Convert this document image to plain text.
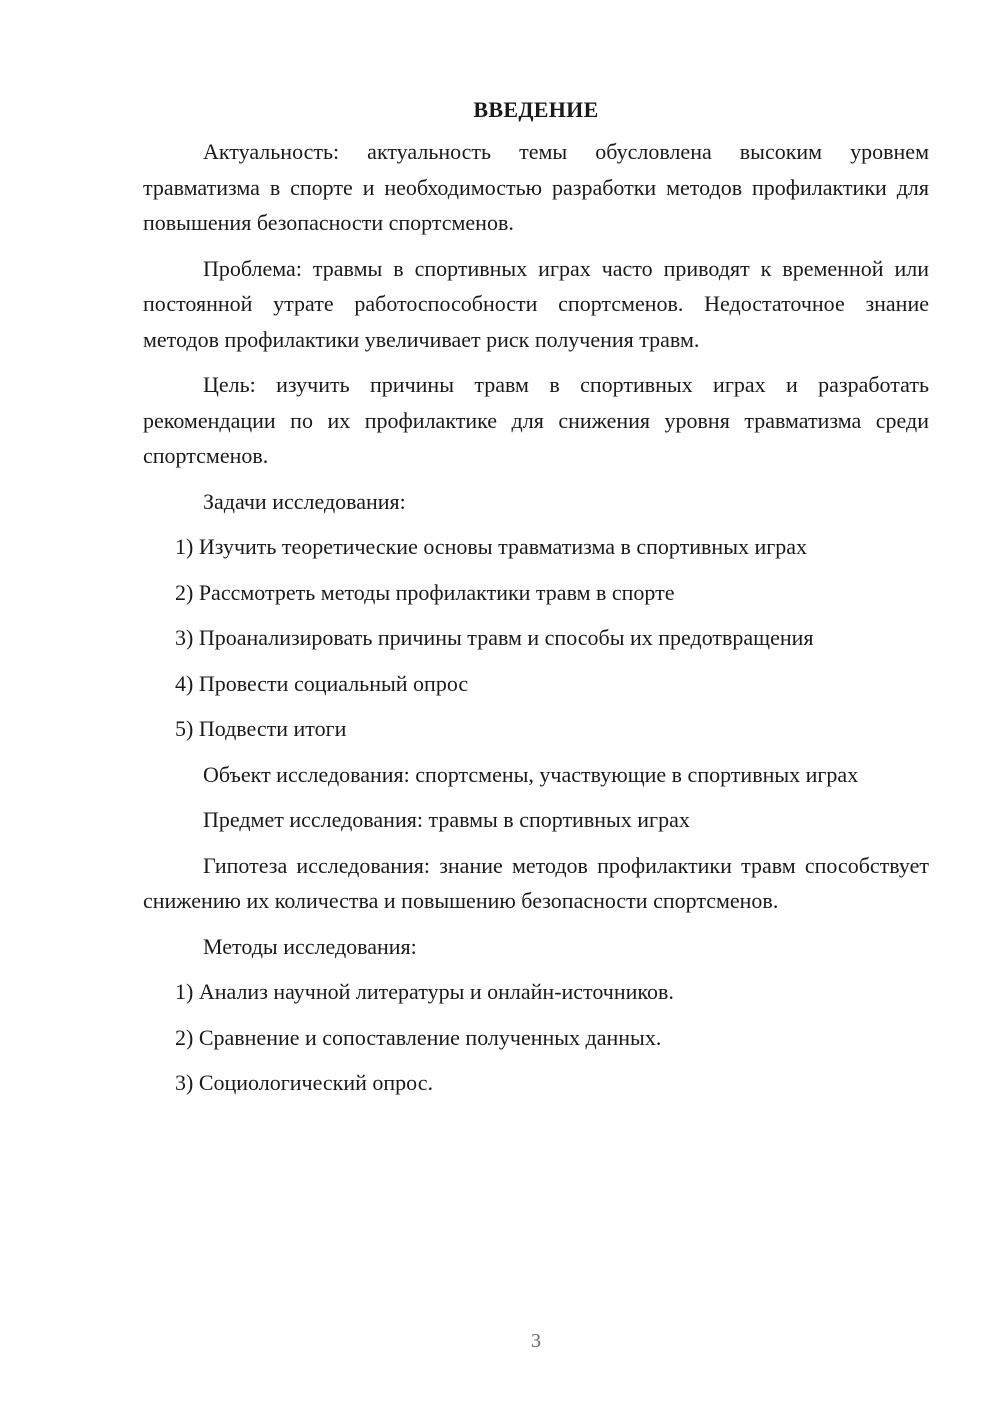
ВВЕДЕНИЕ

Актуальность: актуальность темы обусловлена высоким уровнем травматизма в спорте и необходимостью разработки методов профилактики для повышения безопасности спортсменов.

Проблема: травмы в спортивных играх часто приводят к временной или постоянной утрате работоспособности спортсменов. Недостаточное знание методов профилактики увеличивает риск получения травм.

Цель: изучить причины травм в спортивных играх и разработать рекомендации по их профилактике для снижения уровня травматизма среди спортсменов.

Задачи исследования:

1) Изучить теоретические основы травматизма в спортивных играх
2) Рассмотреть методы профилактики травм в спорте
3) Проанализировать причины травм и способы их предотвращения
4) Провести социальный опрос
5) Подвести итоги

Объект исследования: спортсмены, участвующие в спортивных играх

Предмет исследования: травмы в спортивных играх

Гипотеза исследования: знание методов профилактики травм способствует снижению их количества и повышению безопасности спортсменов.

Методы исследования:

1) Анализ научной литературы и онлайн-источников.
2) Сравнение и сопоставление полученных данных.
3) Социологический опрос.
3
